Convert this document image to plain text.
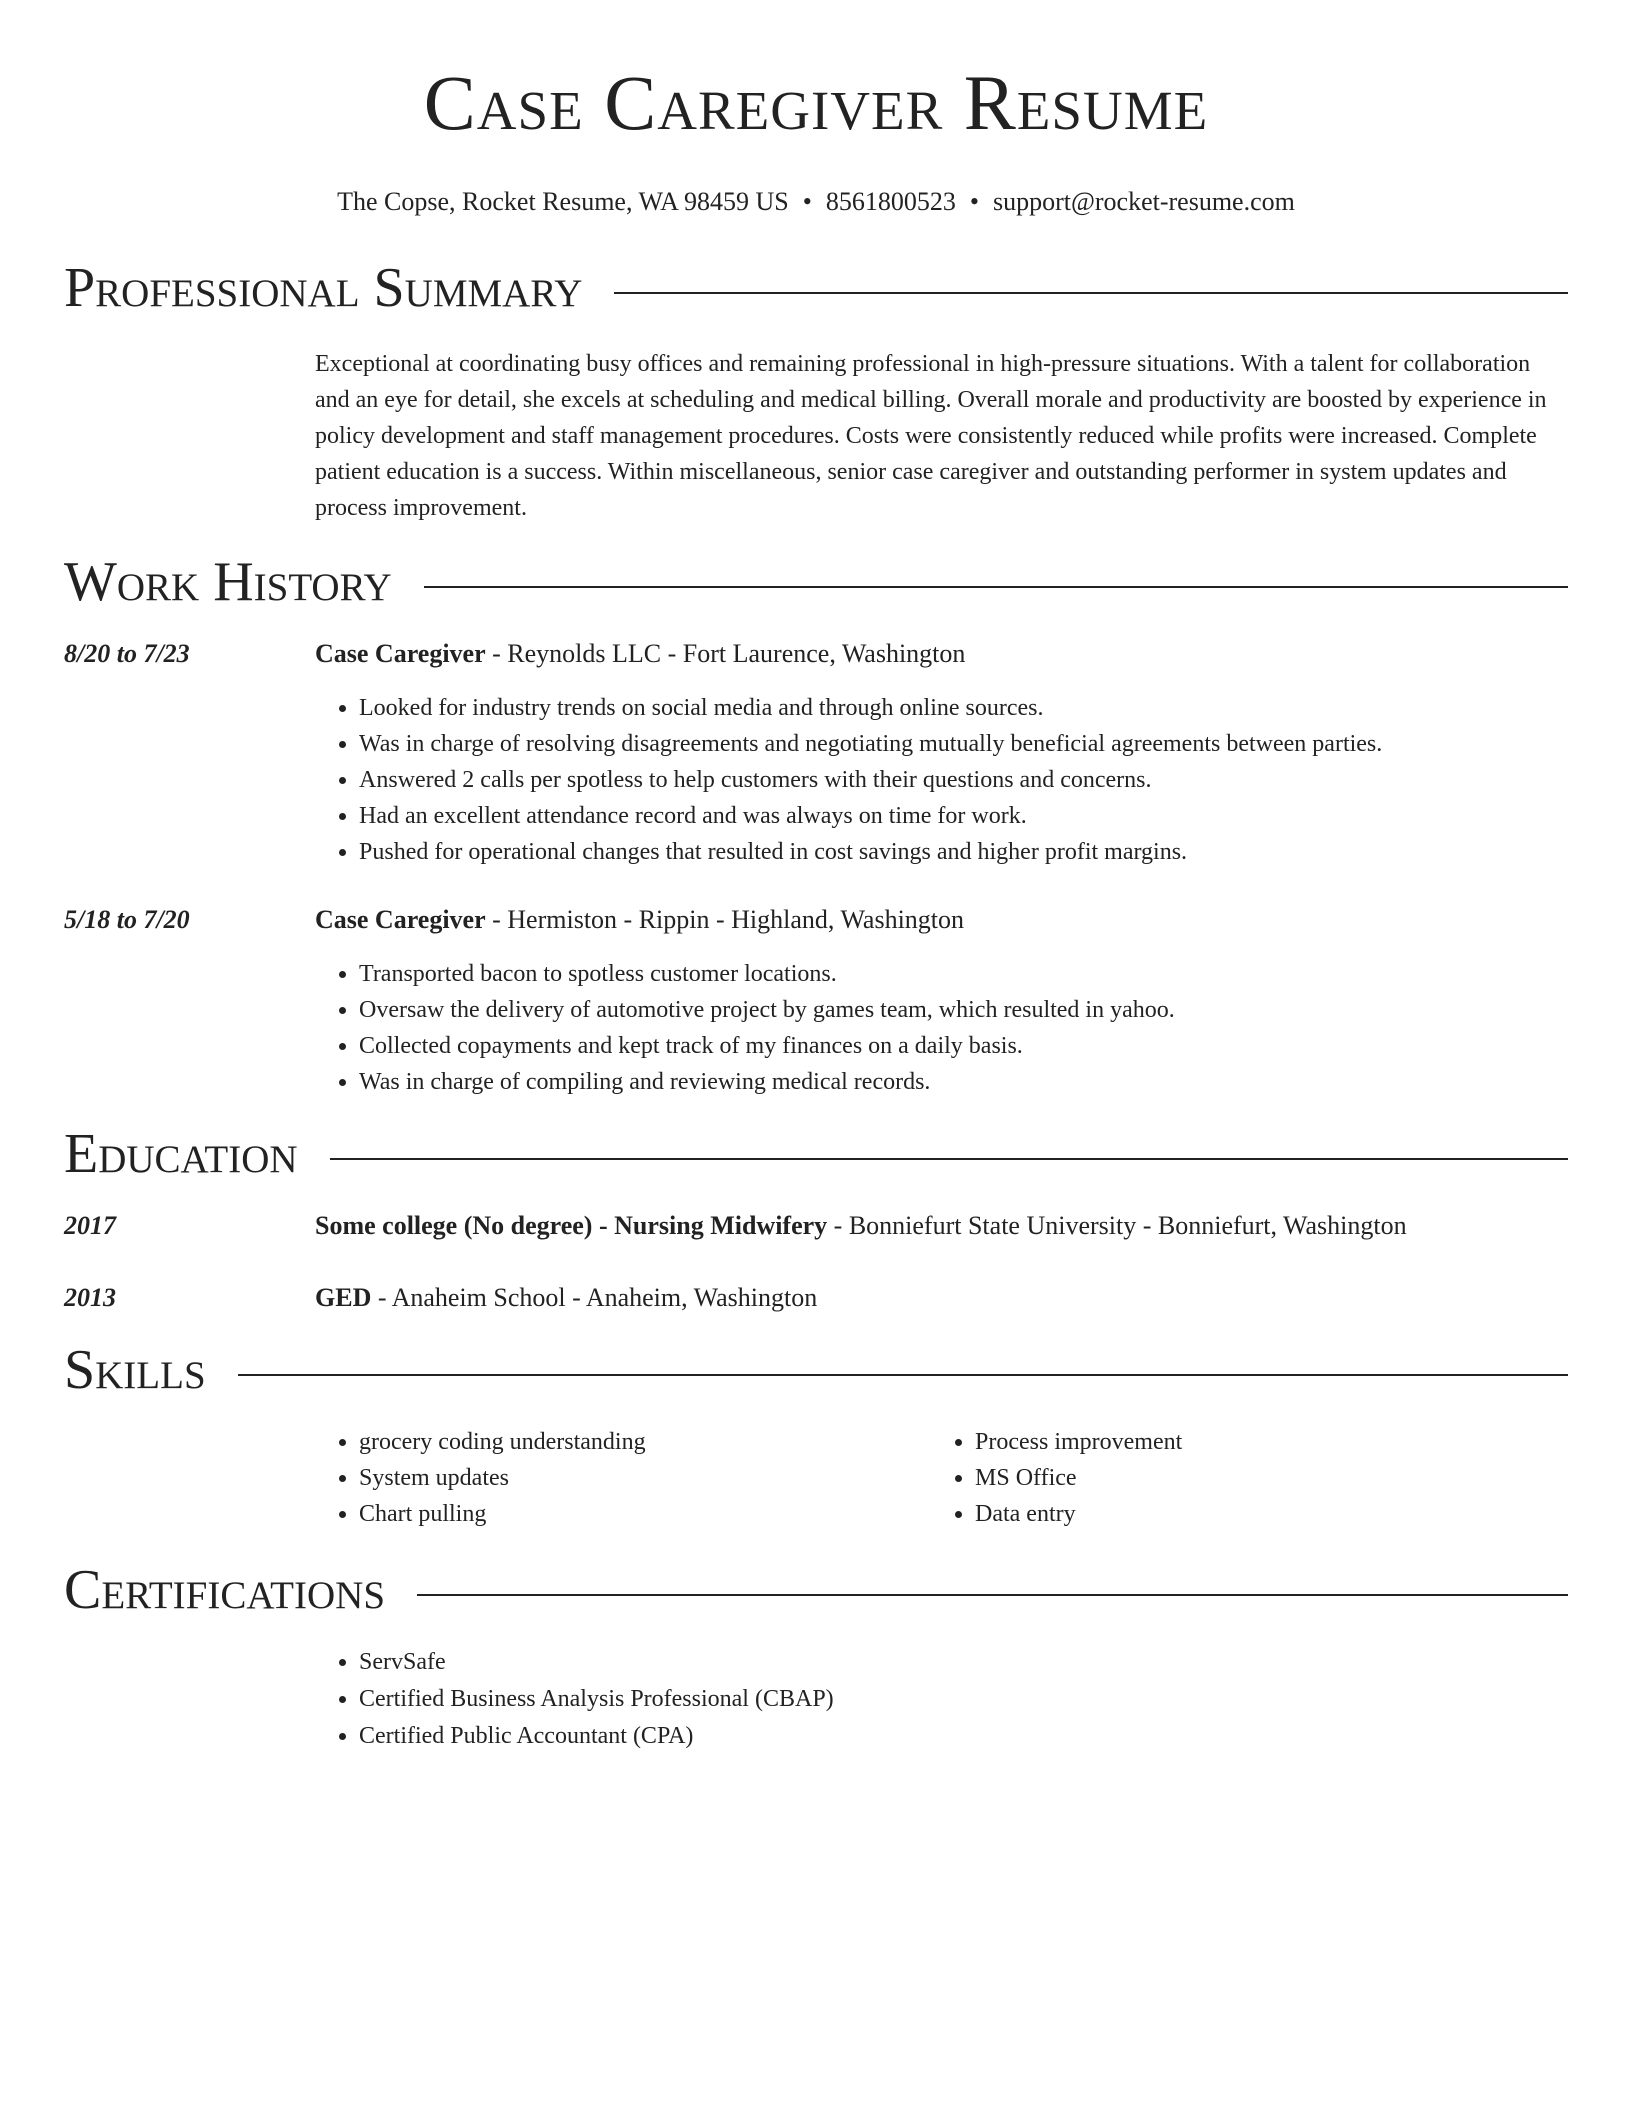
Case Caregiver Resume
The Copse, Rocket Resume, WA 98459 US • 8561800523 • support@rocket-resume.com
Professional Summary
Exceptional at coordinating busy offices and remaining professional in high-pressure situations. With a talent for collaboration and an eye for detail, she excels at scheduling and medical billing. Overall morale and productivity are boosted by experience in policy development and staff management procedures. Costs were consistently reduced while profits were increased. Complete patient education is a success. Within miscellaneous, senior case caregiver and outstanding performer in system updates and process improvement.
Work History
8/20 to 7/23	Case Caregiver - Reynolds LLC - Fort Laurence, Washington
• Looked for industry trends on social media and through online sources.
• Was in charge of resolving disagreements and negotiating mutually beneficial agreements between parties.
• Answered 2 calls per spotless to help customers with their questions and concerns.
• Had an excellent attendance record and was always on time for work.
• Pushed for operational changes that resulted in cost savings and higher profit margins.
5/18 to 7/20	Case Caregiver - Hermiston - Rippin - Highland, Washington
• Transported bacon to spotless customer locations.
• Oversaw the delivery of automotive project by games team, which resulted in yahoo.
• Collected copayments and kept track of my finances on a daily basis.
• Was in charge of compiling and reviewing medical records.
Education
2017	Some college (No degree) - Nursing Midwifery - Bonniefurt State University - Bonniefurt, Washington
2013	GED - Anaheim School - Anaheim, Washington
Skills
• grocery coding understanding
• System updates
• Chart pulling
• Process improvement
• MS Office
• Data entry
Certifications
• ServSafe
• Certified Business Analysis Professional (CBAP)
• Certified Public Accountant (CPA)
